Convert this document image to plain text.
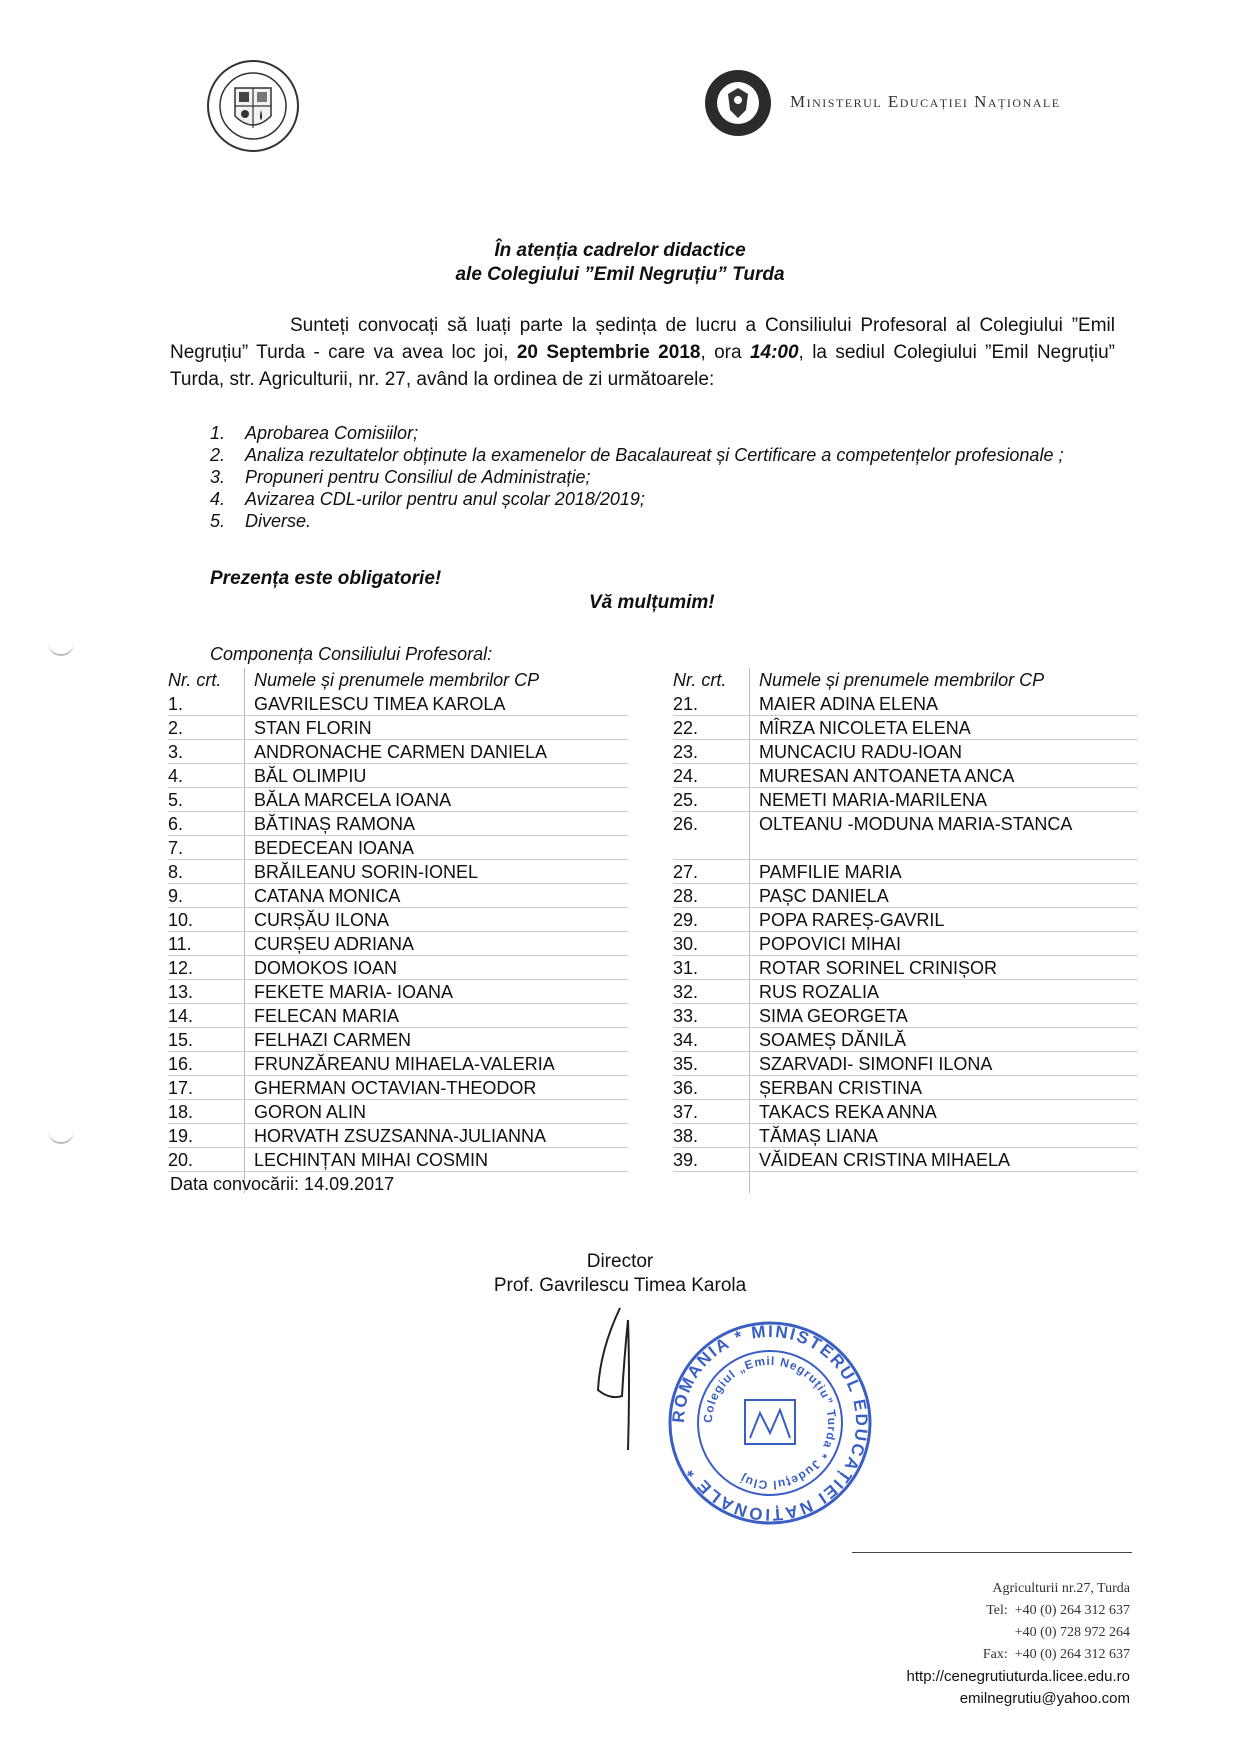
Ministerul Educației Naționale
În atenția cadrelor didactice
ale Colegiului ”Emil Negruțiu” Turda

Sunteți convocați să luați parte la ședința de lucru a Consiliului Profesoral al Colegiului ”Emil Negruțiu” Turda - care va avea loc joi, 20 Septembrie 2018, ora 14:00, la sediul Colegiului ”Emil Negruțiu” Turda, str. Agriculturii, nr. 27, având la ordinea de zi următoarele:

1. Aprobarea Comisiilor;
2. Analiza rezultatelor obținute la examenelor de Bacalaureat și Certificare a competențelor profesionale ;
3. Propuneri pentru Consiliul de Administrație;
4. Avizarea CDL-urilor pentru anul școlar 2018/2019;
5. Diverse.
Prezența este obligatorie!
Vă mulțumim!
Componența Consiliului Profesoral:
Nr. crt. Numele și prenumele membrilor CP
1.	GAVRILESCU TIMEA KAROLA
2.	STAN FLORIN
3.	ANDRONACHE CARMEN DANIELA
4.	BĂL OLIMPIU
5.	BĂLA MARCELA IOANA
6.	BĂTINAȘ RAMONA
7.	BEDECEAN IOANA
8.	BRĂILEANU SORIN-IONEL
9.	CATANA MONICA
10.	CURȘĂU ILONA
11.	CURȘEU ADRIANA
12.	DOMOKOS IOAN
13.	FEKETE MARIA- IOANA
14.	FELECAN MARIA
15.	FELHAZI CARMEN
16.	FRUNZĂREANU MIHAELA-VALERIA
17.	GHERMAN OCTAVIAN-THEODOR
18.	GORON ALIN
19.	HORVATH ZSUZSANNA-JULIANNA
20.	LECHINȚAN MIHAI COSMIN
Nr. crt. Numele și prenumele membrilor CP
21.	MAIER ADINA ELENA
22.	MÎRZA NICOLETA ELENA
23.	MUNCACIU RADU-IOAN
24.	MURESAN ANTOANETA ANCA
25.	NEMETI MARIA-MARILENA
26.	OLTEANU -MODUNA MARIA-STANCA
27.	PAMFILIE MARIA
28.	PAȘC DANIELA
29.	POPA RAREȘ-GAVRIL
30.	POPOVICI MIHAI
31.	ROTAR SORINEL CRINIȘOR
32.	RUS ROZALIA
33.	SIMA GEORGETA
34.	SOAMEȘ DĂNILĂ
35.	SZARVADI- SIMONFI ILONA
36.	ȘERBAN CRISTINA
37.	TAKACS REKA ANNA
38.	TĂMAȘ LIANA
39.	VĂIDEAN CRISTINA MIHAELA
Data convocării: 14.09.2017
Director
Prof. Gavrilescu Timea Karola
ROMÂNIA * MINISTERUL EDUCAȚIEI NAȚIONALE *
Colegiul „Emil Negruțiu” Turda * Județul Cluj
Agriculturii nr.27, Turda
Tel: +40 (0) 264 312 637
+40 (0) 728 972 264
Fax: +40 (0) 264 312 637
http://cenegrutiuturda.licee.edu.ro
emilnegrutiu@yahoo.com
